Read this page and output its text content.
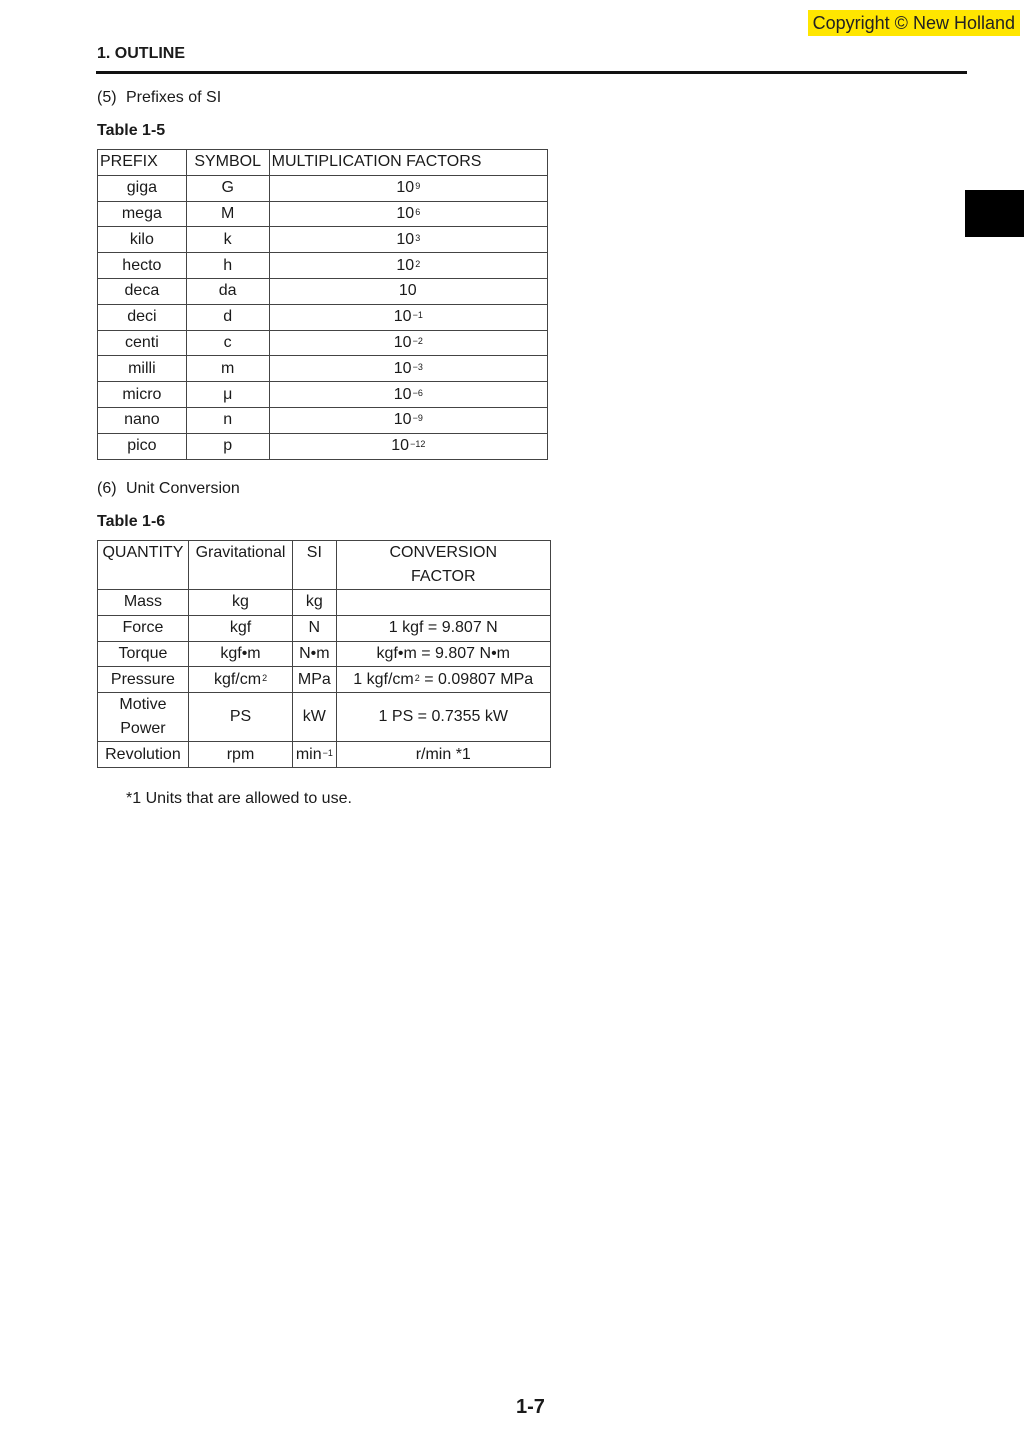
Copyright © New Holland
1. OUTLINE
(5) Prefixes of SI
Table 1-5
PREFIX	SYMBOL	MULTIPLICATION FACTORS
giga	G	$10^9$
mega	M	$10^6$
kilo	k	$10^3$
hecto	h	$10^2$
deca	da	10
deci	d	$10^{-1}$
centi	c	$10^{-2}$
milli	m	$10^{-3}$
micro	μ	$10^{-6}$
nano	n	$10^{-9}$
pico	p	$10^{-12}$
(6) Unit Conversion
Table 1-6
QUANTITY	Gravitational	SI	CONVERSION FACTOR
Mass	kg	kg	
Force	kgf	N	1 kgf = 9.807 N
Torque	kgf•m	N•m	kgf•m = 9.807 N•m
Pressure	kgf/$cm^2$	MPa	1 kgf/$cm^2 = 0.09807$ MPa
Motive
Power	PS	kW	1 PS = 0.7355 kW
Revolution	rpm	$\min^{-1}$	r/min *1
*1 Units that are allowed to use.
1-7
